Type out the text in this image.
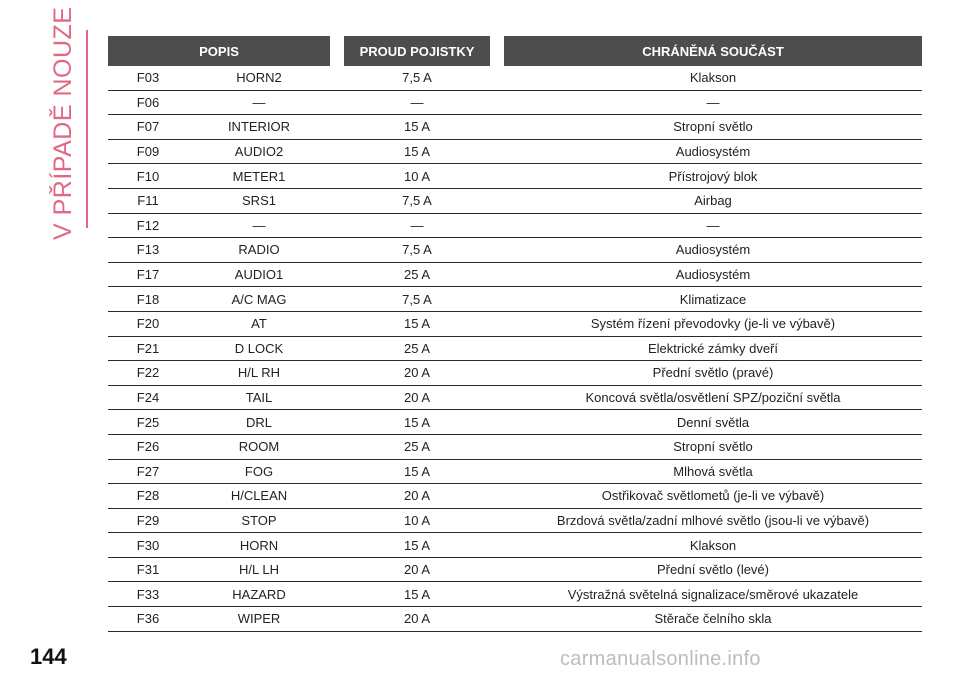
V PŘÍPADĚ NOUZE	POPIS			PROUD POJISTKY		CHRÁNĚNÁ SOUČÁST
F03	HORN2		7,5 A		Klakson
F06	—		—		—
F07	INTERIOR		15 A		Stropní světlo
F09	AUDIO2		15 A		Audiosystém
F10	METER1		10 A		Přístrojový blok
F11	SRS1		7,5 A		Airbag
F12	—		—		—
F13	RADIO		7,5 A		Audiosystém
F17	AUDIO1		25 A		Audiosystém
F18	A/C MAG		7,5 A		Klimatizace
F20	AT		15 A		Systém řízení převodovky (je-li ve výbavě)
F21	D LOCK		25 A		Elektrické zámky dveří
F22	H/L RH		20 A		Přední světlo (pravé)
F24	TAIL		20 A		Koncová světla/osvětlení SPZ/poziční světla
F25	DRL		15 A		Denní světla
F26	ROOM		25 A		Stropní světlo
F27	FOG		15 A		Mlhová světla
F28	H/CLEAN		20 A		Ostřikovač světlometů (je-li ve výbavě)
F29	STOP		10 A		Brzdová světla/zadní mlhové světlo (jsou-li ve výbavě)
F30	HORN		15 A		Klakson
F31	H/L LH		20 A		Přední světlo (levé)
F33	HAZARD		15 A		Výstražná světelná signalizace/směrové ukazatele
F36	WIPER		20 A		Stěrače čelního skla
144	carmanualsonline.info
